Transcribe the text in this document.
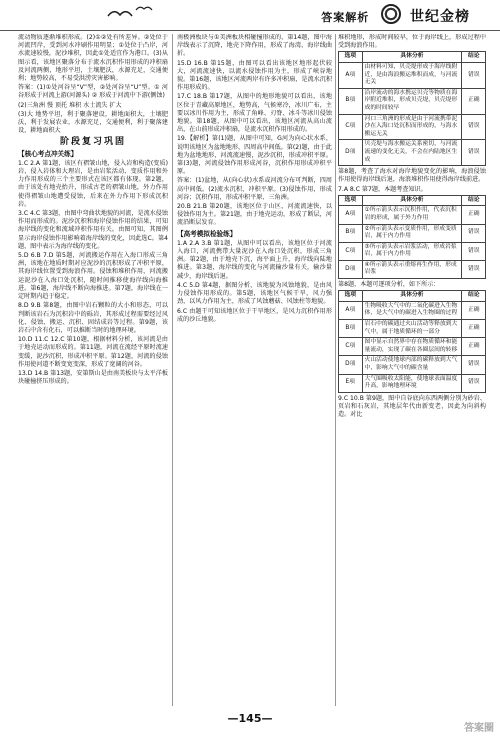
答案解析	世纪金榜

流动物质逐渐堆积形成。(2)①②处有所差异。②处位于河流凹岸，受到河水冲刷作用明显；①处位于凸岸，河水流速较慢，泥沙堆积，因此①处适宜作为港口。(3)从图示看，该地区聚落分布于流水沉积作用形成的冲积扇及河流两侧，地形平坦，土壤肥沃，水源充足，交通便利；地势较高，不易受洪涝灾害影响。

答案：(1)①处河谷呈“V”型，②处河谷呈“U”型。① 河谷形成于河流上游(河源头) ② 形成于河流中下游(侧蚀)

(2)三角洲 慢 顶托 堆积 水土流失 扩大

(3)大 地势平坦，利于聚落建设，耕地面积大，土壤肥沃，利于发展农业，水源充足，交通便利，利于聚落建设，耕地面积大

阶段复习巩固
【核心考点冲关练】

1.C 2.A 第1题，该区有褶皱山地，侵入岩和构造(变质)岩，侵入岩体和大理岩，是由岩浆活动、变质作用和外力作用形成的三个主要形式在该区都有体现。第2题，由于该处有地壳抬升，形成古老的褶皱山地，外力作用使得褶皱山地遭受侵蚀，后来在外力作用下形成沉积岩。

3.C 4.C 第3题，由图中弯曲状地貌的河流，是流水侵蚀作用而形成的。泥沙沉积和海岸侵蚀作用的结果，可知海岸线的变化和流域冲积作用有关。由图可知，其图例显示海岸侵蚀作用影响着海岸线的变化，因此选C。第4题，图中表示为海岸线的变化。

5.D 6.B 7.D 第5题，河流搬运作用在入海口形成三角洲，该地在地质时期对应泥沙的沉积形成了冲积平原，其海岸线位置受到海浪作用。侵蚀和堆积作用，河流搬运泥沙在入海口处沉积，随时间推移使海岸线向海推进。第6题，海岸线不断向海推进。第7题，海岸线在一定时期内趋于稳定。

8.D 9.B 第8题，由图中岩石颗粒的大小和形态，可以判断该岩石为沉积岩中的砾岩，其形成过程需要经过风化、侵蚀、搬运、沉积、固结成岩等过程。第9题，该岩石中含有化石，可以推断当时的地理环境。

10.D 11.C 12.C 第10题，根据材料分析，该河流是由于地壳运动而形成的。第11题，河流在流经平原时流速变缓，泥沙沉积，形成冲积平原。第12题，河流的侵蚀作用使河道不断变宽变深，形成了宽阔的河谷。

13.D 14.B 第13题，安第斯山是由南美板块与太平洋板块碰撞挤压形成的。

南极洲板块与①美洲板块相碰撞形成的，第14题，图中海岸线表示了沉降，地壳下降作用，形成了海湾，海岸线曲折。

15.D 16.B 第15题，由图可以看出该地区地形起伏较大，河流流速快，以流水侵蚀作用为主，形成了峡谷地貌。第16题，该地区河流两岸有许多冲积扇，是流水沉积作用形成的。

17.C 18.B 第17题，从图中的地形地貌可以看出，该地区位于青藏高原地区，地势高，气候寒冷，冰川广布，主要以冰川作用为主，形成了角峰、刃脊、冰斗等冰川侵蚀地貌。第18题，从图中可以看出，该地区河流从高山流出，在山前形成冲积扇，是流水沉积作用形成的。

19.【解析】第(1)题，从图中可知，G河为向心状水系，说明该地区为盆地地形，四周高中间低。第(2)题，由于此地为盆地地形，河流流速慢，泥沙沉积，形成冲积平原。第(3)题，河流侵蚀作用形成河谷，沉积作用形成冲积平原。

答案：(1)盆地，从(向心状)水系或河流分布可判断，四周高中间低。(2)流水沉积，冲积平原。(3)侵蚀作用，形成河谷；沉积作用，形成冲积平原、三角洲。

20.B 21.B 第20题，该地区位于山区，河流流速快，以侵蚀作用为主。第21题，由于地壳运动，形成了断层，河流沿断层发育。

【高考模拟检验练】

1.A 2.A 3.B 第1题，从图中可以看出，该地区位于河流入海口，河流携带大量泥沙在入海口处沉积，形成三角洲。第2题，由于地壳下沉，海平面上升，海岸线向陆地推进。第3题，海岸线的变化与河流输沙量有关，输沙量减少，海岸线后退。

4.C 5.D 第4题，据图分析，该地貌为风蚀地貌，是由风力侵蚀作用形成的。第5题，该地区气候干旱，风力强劲，以风力作用为主，形成了风蚀蘑菇、风蚀柱等地貌。

6.C 由题干可知该地区位于干旱地区，是风力沉积作用形成的沙丘地貌。

堆积地形，形成时间较早，位于海岸线上，形成过程中受到海浪作用。

选项	具体分析	结论
A项	由材料可知，贝壳堤形成于海岸线附近，是由海浪搬运堆积而成，与河流无关	错误
B项	沿岸流动的海水携运贝壳等物质在海岸附近堆积，形成贝壳堤，贝壳堤形成的时间较早	正确
C项	河口三角洲的形成是由于河流携带泥沙在入海口处沉积而形成的，与海水搬运无关	错误
D项	贝壳堤与海水搬运关系密切，与河流流速的变化无关，不会在内陆地区生成	错误

第8题，考查了海水对海岸地貌变化的影响，海浪侵蚀作用使得海岸线后退，海浪堆积作用使得海岸线前进。

7.A 8.C 第7题，本题考查知识。

选项	具体分析	结论
A项	①所示箭头表示沉积作用，代表沉积岩的形成，属于外力作用	正确
B项	②所示箭头表示变质作用，形成变质岩，属于内力作用	错误
C项	③所示箭头表示岩浆活动，形成岩浆岩，属于内力作用	错误
D项	④所示箭头表示重熔再生作用，形成岩浆	错误

第8题，本题可逐项分析，如下所示：

选项	具体分析	结论
A项	生物吸收大气中的二氧化碳进入生物体，是大气中的碳进入生物圈的过程	正确
B项	岩石中的碳通过火山活动等释放到大气中，属于地质循环的一部分	正确
C项	图中显示自然界中存在物质循环和能量流动，实现了碳在各圈层间的转移	正确
D项	火山活动使地球内部的碳释放到大气中，影响大气中的碳含量	错误
E项	大气圈吸收太阳能，使地球表面温度升高，影响地理环境	错误

9.C 10.B 第9题，图中自谷底向东西两侧分别为砂岩、页岩和石灰岩，其地层年代由新变老，因此为向斜构造。对比

—145—
答案圈
